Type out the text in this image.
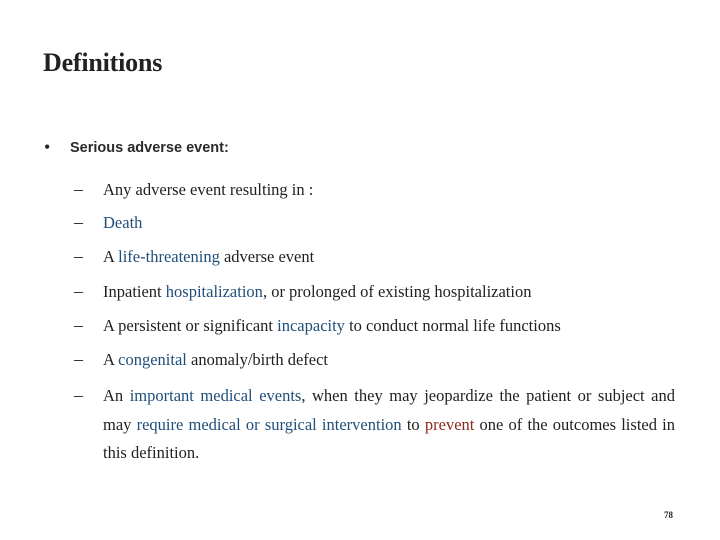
Definitions
• Serious adverse event:
– Any adverse event resulting in :
– Death
– A life-threatening adverse event
– Inpatient hospitalization, or prolonged of existing hospitalization
– A persistent or significant incapacity to conduct normal life functions
– A congenital anomaly/birth defect
– An important medical events, when they may jeopardize the patient or subject and may require medical or surgical intervention to prevent one of the outcomes listed in this definition.
78
